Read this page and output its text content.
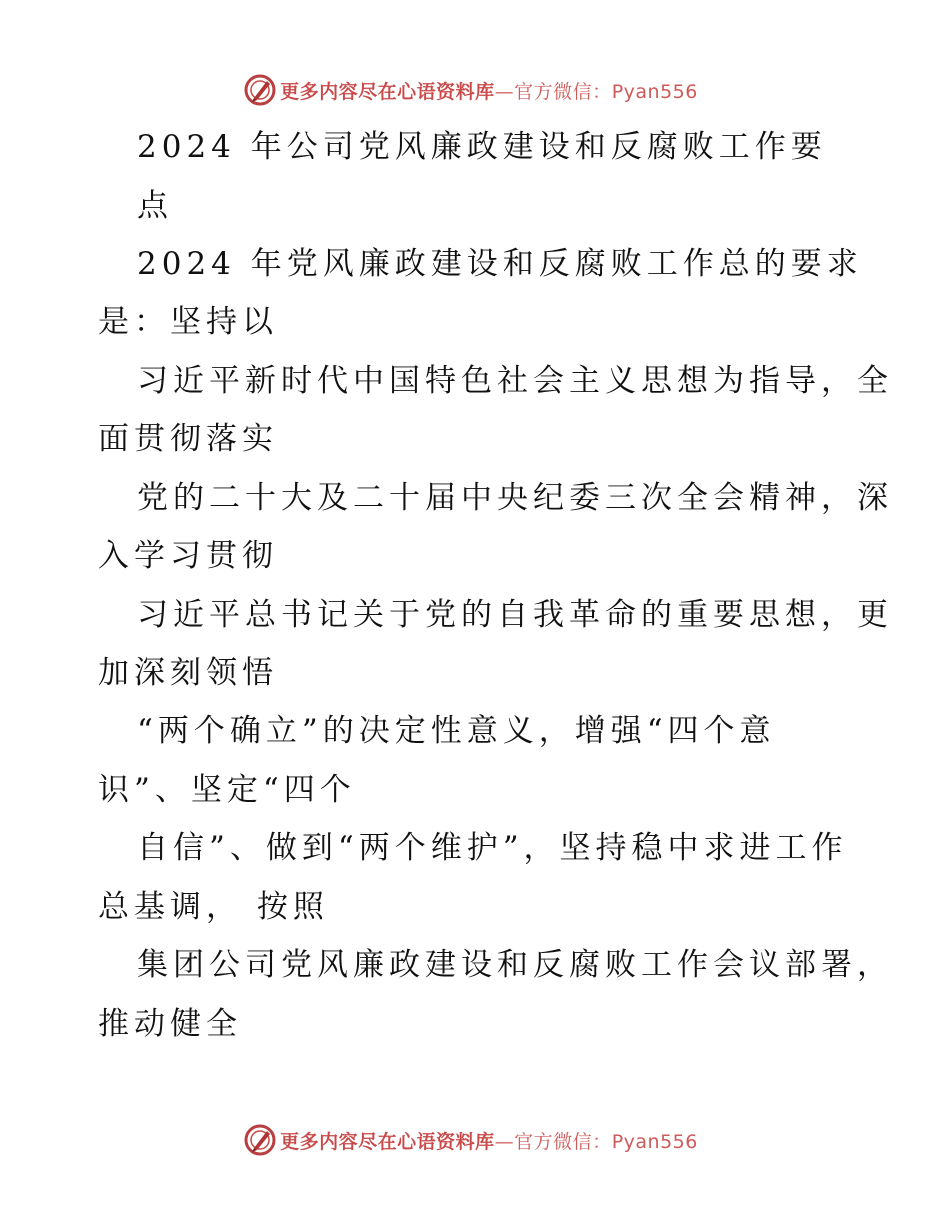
更多内容尽在心语资料库—官方微信：Pyan556
2024 年公司党风廉政建设和反腐败工作要
点
2024 年党风廉政建设和反腐败工作总的要求
是：坚持以
习近平新时代中国特色社会主义思想为指导，全
面贯彻落实
党的二十大及二十届中央纪委三次全会精神，深
入学习贯彻
习近平总书记关于党的自我革命的重要思想，更
加深刻领悟
“两个确立”的决定性意义，增强“四个意
识”、坚定“四个
自信”、做到“两个维护”，坚持稳中求进工作
总基调， 按照
集团公司党风廉政建设和反腐败工作会议部署，
推动健全
更多内容尽在心语资料库—官方微信：Pyan556
